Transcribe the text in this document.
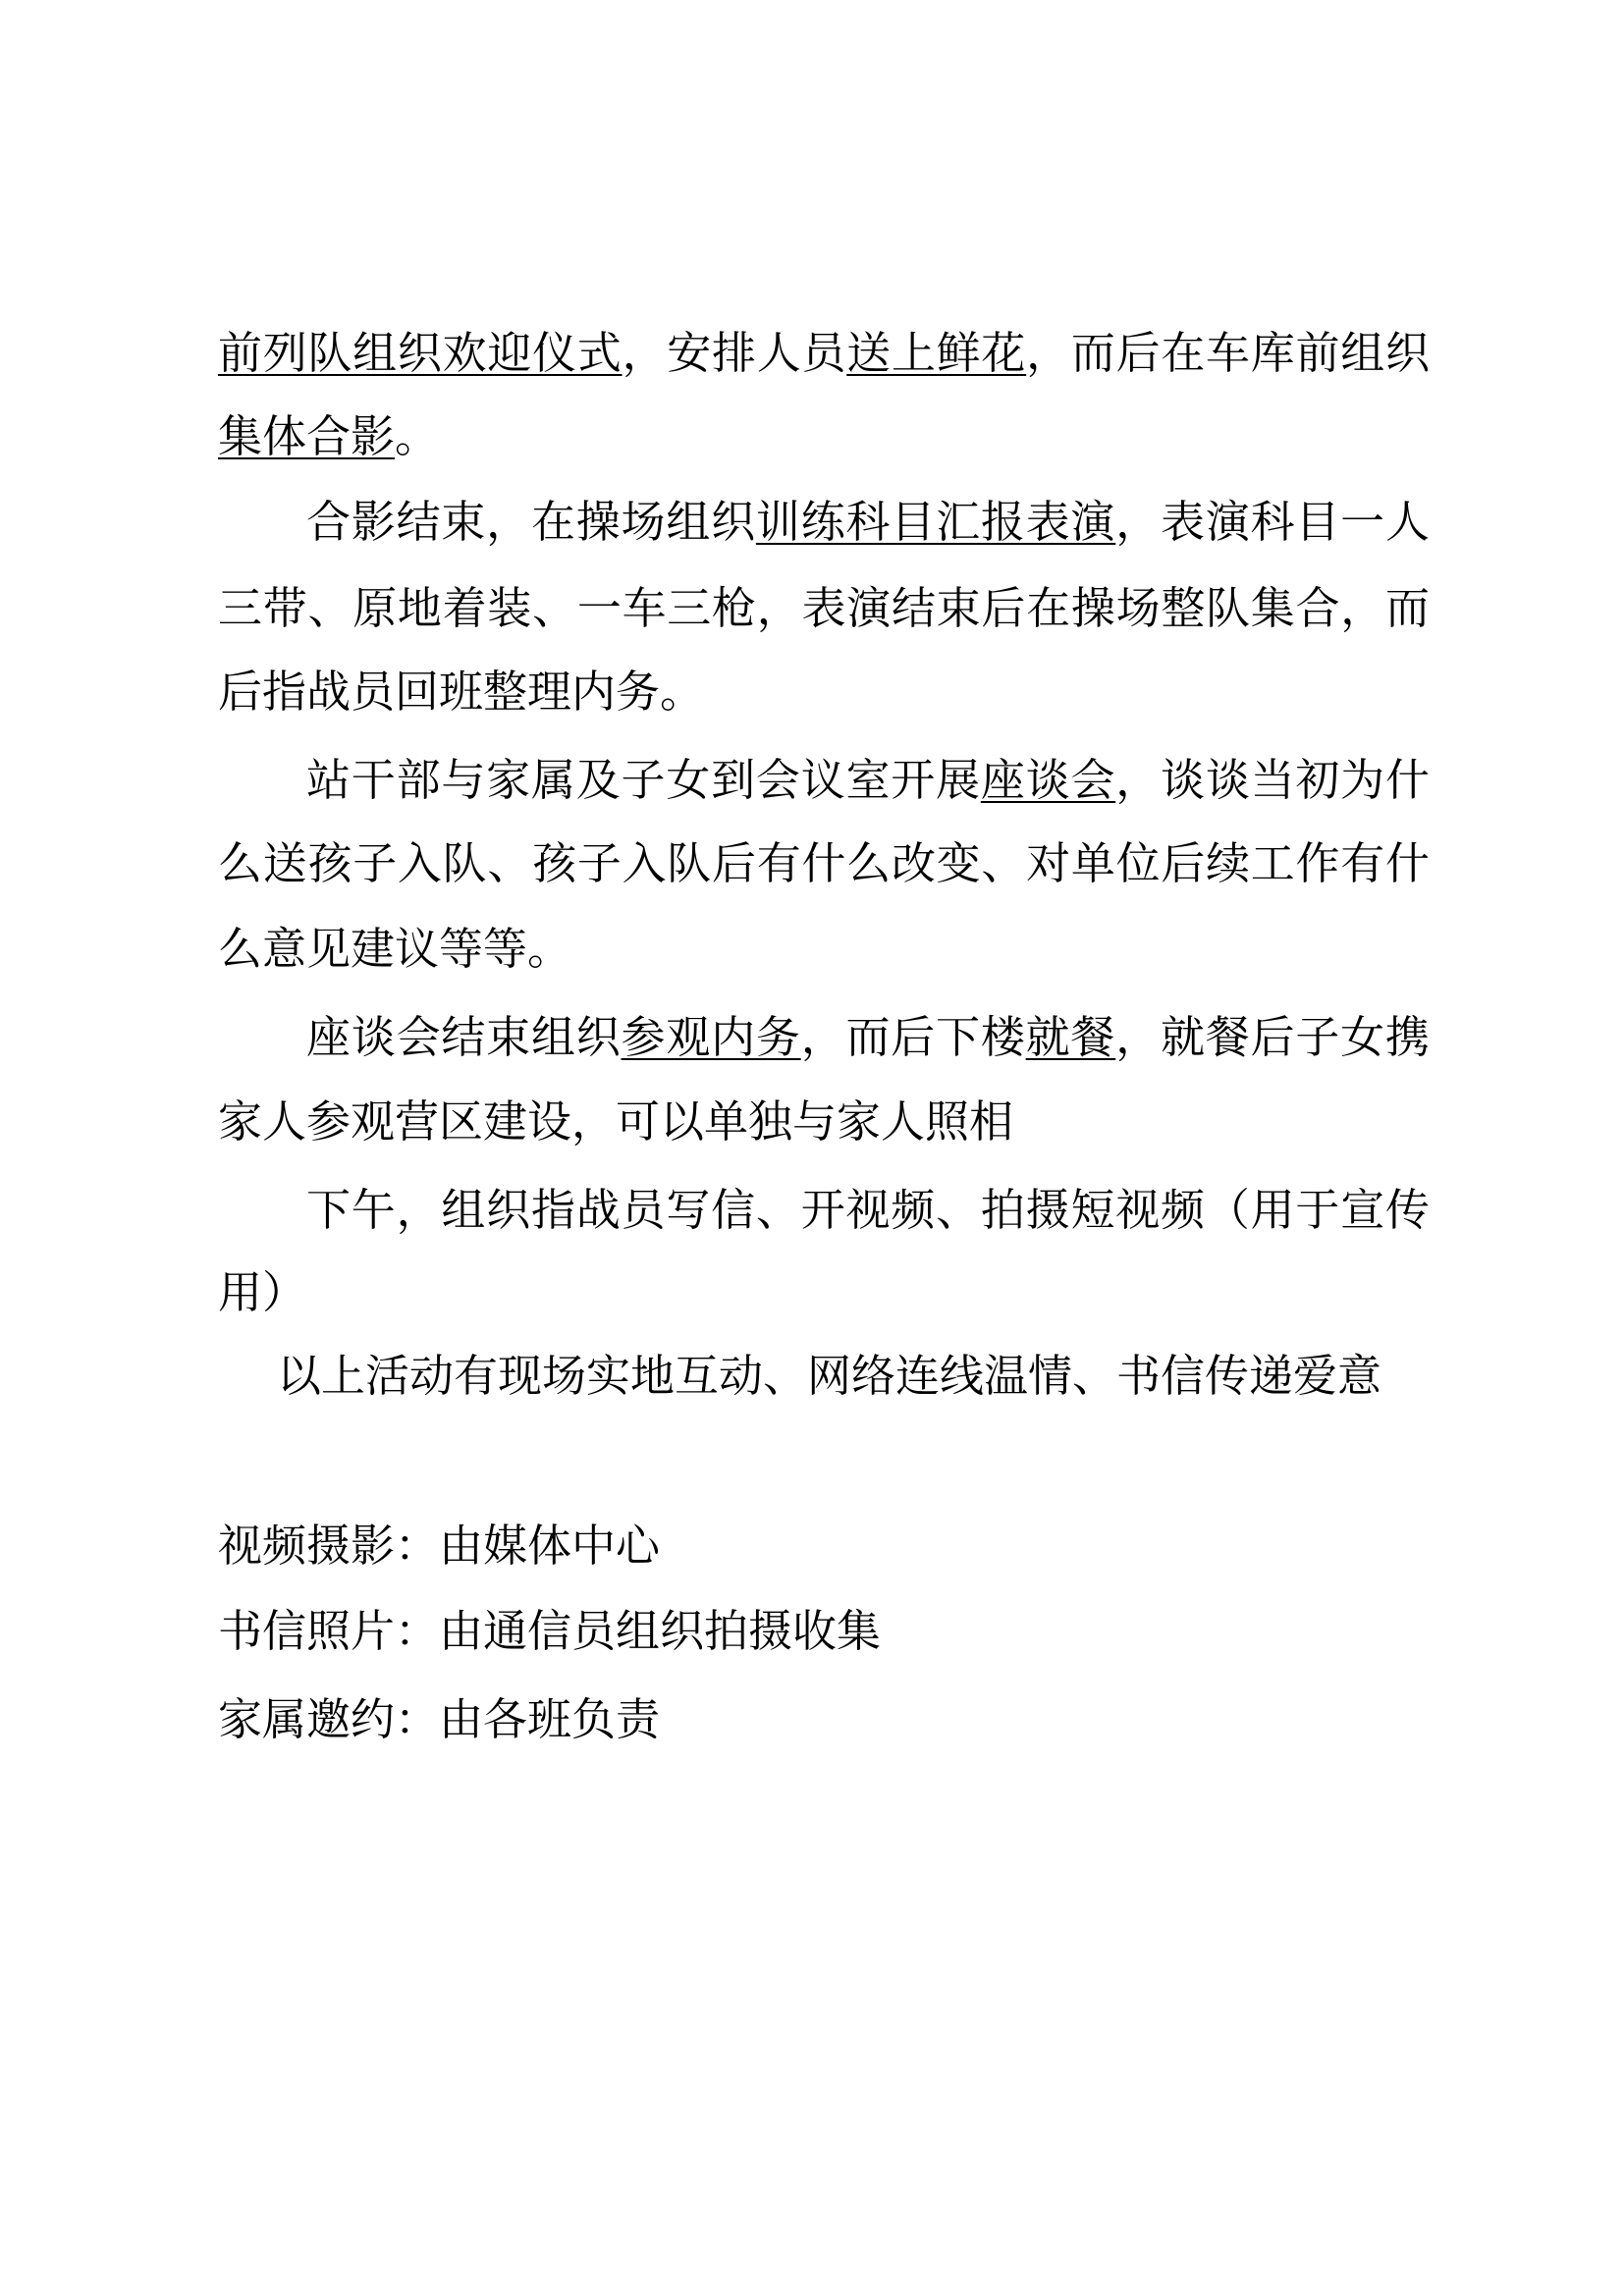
前列队组织欢迎仪式，安排人员送上鲜花，而后在车库前组织
集体合影。
合影结束，在操场组织训练科目汇报表演，表演科目一人
三带、原地着装、一车三枪，表演结束后在操场整队集合，而
后指战员回班整理内务。
站干部与家属及子女到会议室开展座谈会，谈谈当初为什
么送孩子入队、孩子入队后有什么改变、对单位后续工作有什
么意见建议等等。
座谈会结束组织参观内务，而后下楼就餐，就餐后子女携
家人参观营区建设，可以单独与家人照相
下午，组织指战员写信、开视频、拍摄短视频（用于宣传
用）
以上活动有现场实地互动、网络连线温情、书信传递爱意
视频摄影：由媒体中心
书信照片：由通信员组织拍摄收集
家属邀约：由各班负责
